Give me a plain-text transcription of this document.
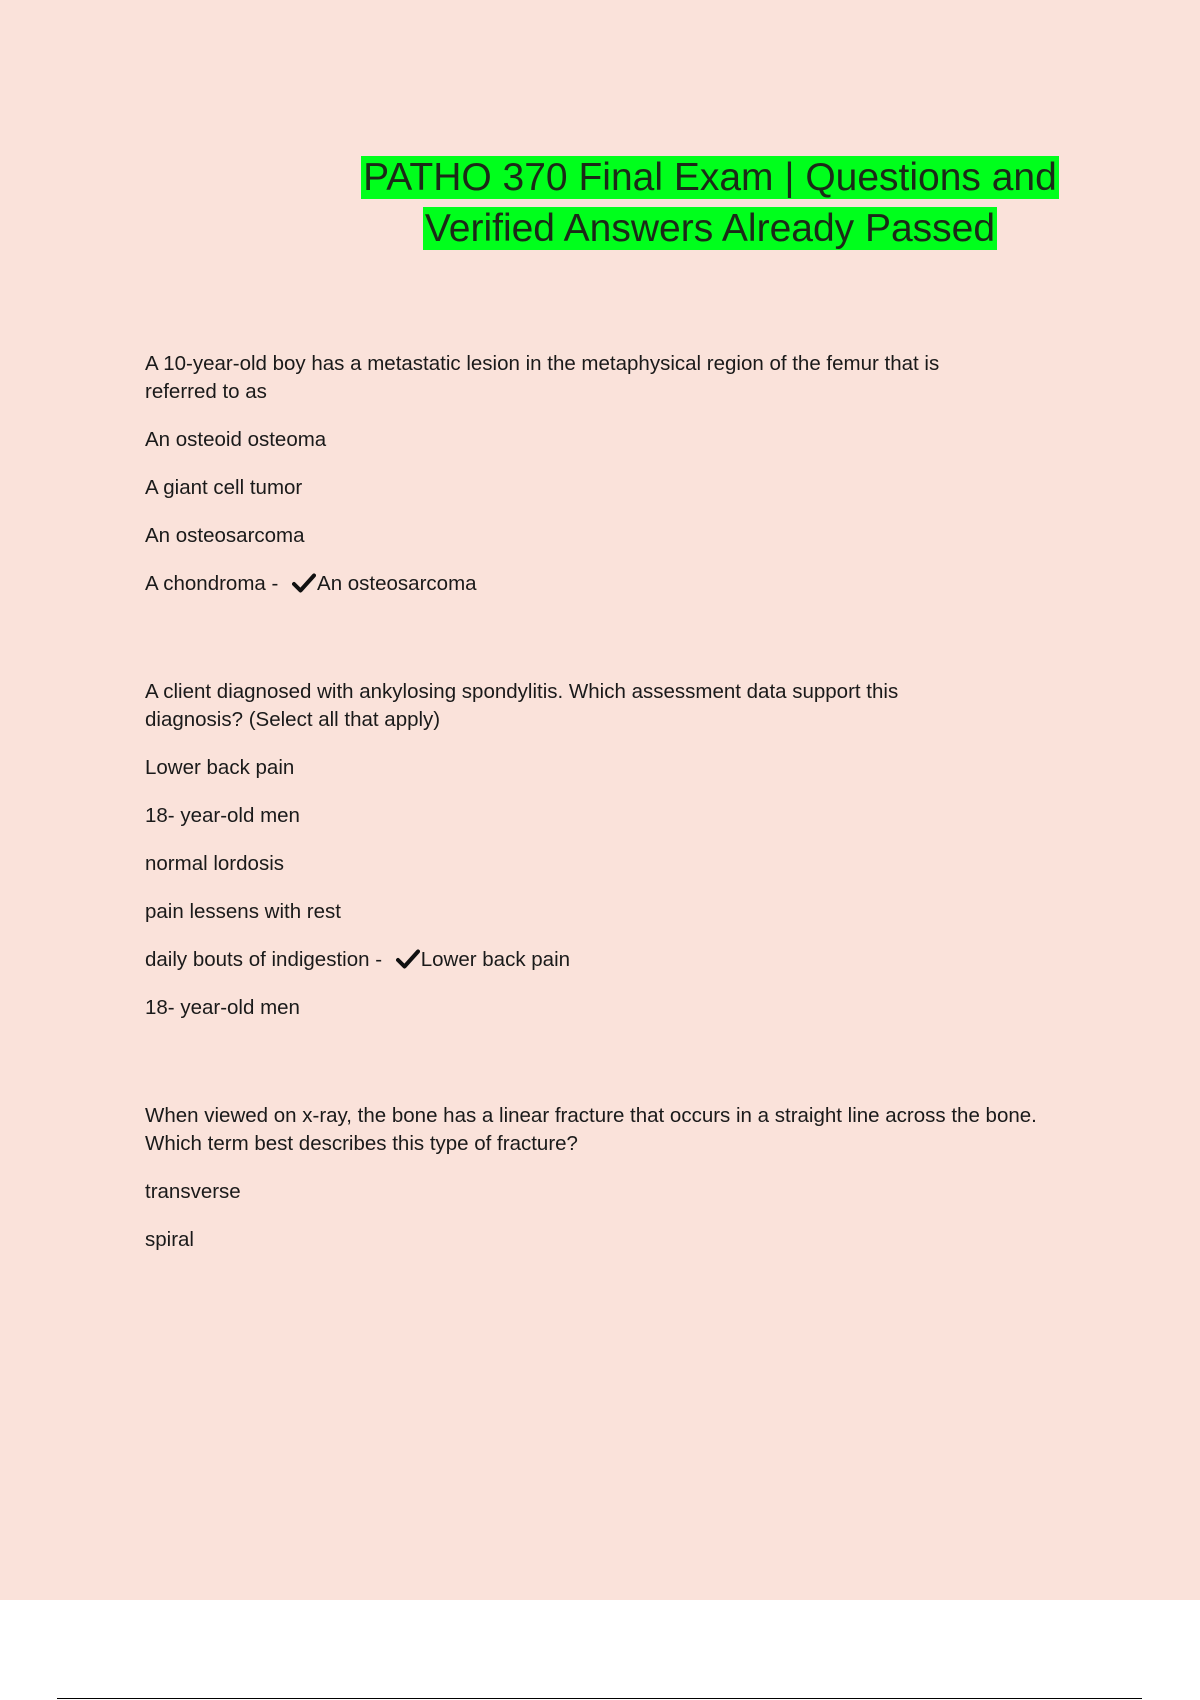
PATHO 370 Final Exam | Questions and
Verified Answers Already Passed
A 10-year-old boy has a metastatic lesion in the metaphysical region of the femur that is referred to as
An osteoid osteoma
A giant cell tumor
An osteosarcoma
A chondroma - An osteosarcoma
A client diagnosed with ankylosing spondylitis. Which assessment data support this diagnosis? (Select all that apply)
Lower back pain
18- year-old men
normal lordosis
pain lessens with rest
daily bouts of indigestion - Lower back pain
18- year-old men
When viewed on x-ray, the bone has a linear fracture that occurs in a straight line across the bone. Which term best describes this type of fracture?
transverse
spiral
